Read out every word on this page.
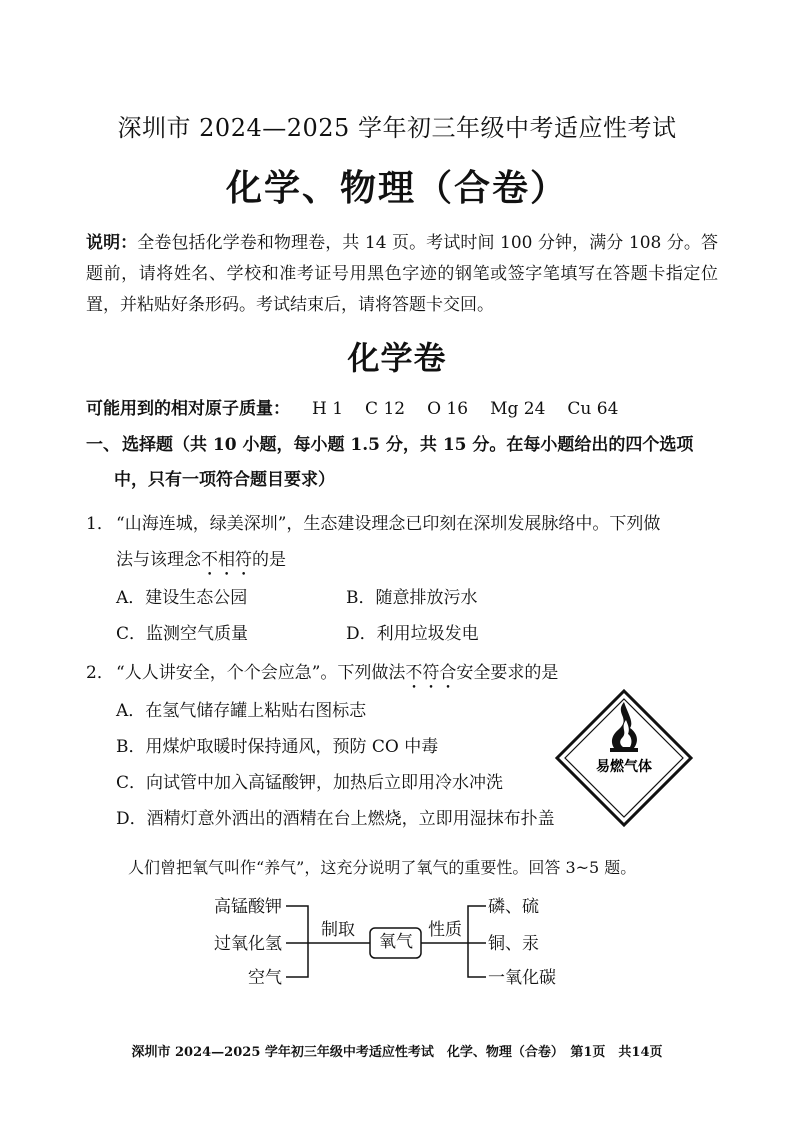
深圳市 2024—2025 学年初三年级中考适应性考试
化学、物理（合卷）
说明：全卷包括化学卷和物理卷，共 14 页。考试时间 100 分钟，满分 108 分。答题前，请将姓名、学校和准考证号用黑色字迹的钢笔或签字笔填写在答题卡指定位置，并粘贴好条形码。考试结束后，请将答题卡交回。
化学卷
可能用到的相对原子质量： H 1 C 12 O 16 Mg 24 Cu 64
一、 选择题（共 10 小题，每小题 1.5 分，共 15 分。在每小题给出的四个选项
中，只有一项符合题目要求）
1． “山海连城，绿美深圳”，生态建设理念已印刻在深圳发展脉络中。下列做
法与该理念不相符的是
A．建设生态公园	B．随意排放污水
C．监测空气质量	D．利用垃圾发电
2． “人人讲安全，个个会应急”。下列做法不符合安全要求的是
A．在氢气储存罐上粘贴右图标志
B．用煤炉取暖时保持通风，预防 CO 中毒
C．向试管中加入高锰酸钾，加热后立即用冷水冲洗
D．酒精灯意外洒出的酒精在台上燃烧，立即用湿抹布扑盖
易燃气体
人们曾把氧气叫作“养气”，这充分说明了氧气的重要性。回答 3~5 题。
高锰酸钾
过氧化氢
空气
制取
氧气
性质
磷、硫
铜、汞
一氧化碳
深圳市 2024—2025 学年初三年级中考适应性考试　化学、物理（合卷）　第1页　共14页
